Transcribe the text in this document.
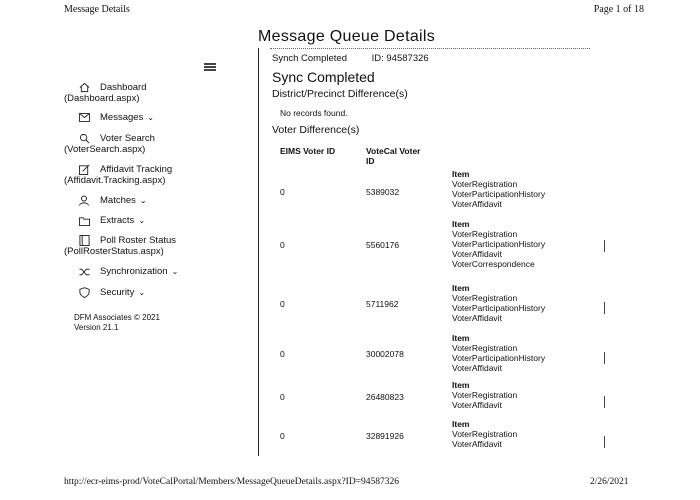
Message Details	Page 1 of 18
Message Queue Details
Dashboard
(Dashboard.aspx)
Messages ⌄
Voter Search
(VoterSearch.aspx)
Affidavit Tracking
(Affidavit.Tracking.aspx)
Matches ⌄
Extracts ⌄
Poll Roster Status
(PollRosterStatus.aspx)
Synchronization ⌄
Security ⌄
DFM Associates © 2021
Version 21.1
Synch Completed	ID: 94587326
Sync Completed
District/Precinct Difference(s)
No records found.
Voter Difference(s)
EIMS Voter ID	VoteCal Voter ID
0	5389032
Item
VoterRegistration
VoterParticipationHistory
VoterAffidavit
0	5560176
Item
VoterRegistration
VoterParticipationHistory
VoterAffidavit
VoterCorrespondence
0	5711962
Item
VoterRegistration
VoterParticipationHistory
VoterAffidavit
0	30002078
Item
VoterRegistration
VoterParticipationHistory
VoterAffidavit
0	26480823
Item
VoterRegistration
VoterAffidavit
0	32891926
Item
VoterRegistration
VoterAffidavit
http://ecr-eims-prod/VoteCalPortal/Members/MessageQueueDetails.aspx?ID=94587326	2/26/2021
